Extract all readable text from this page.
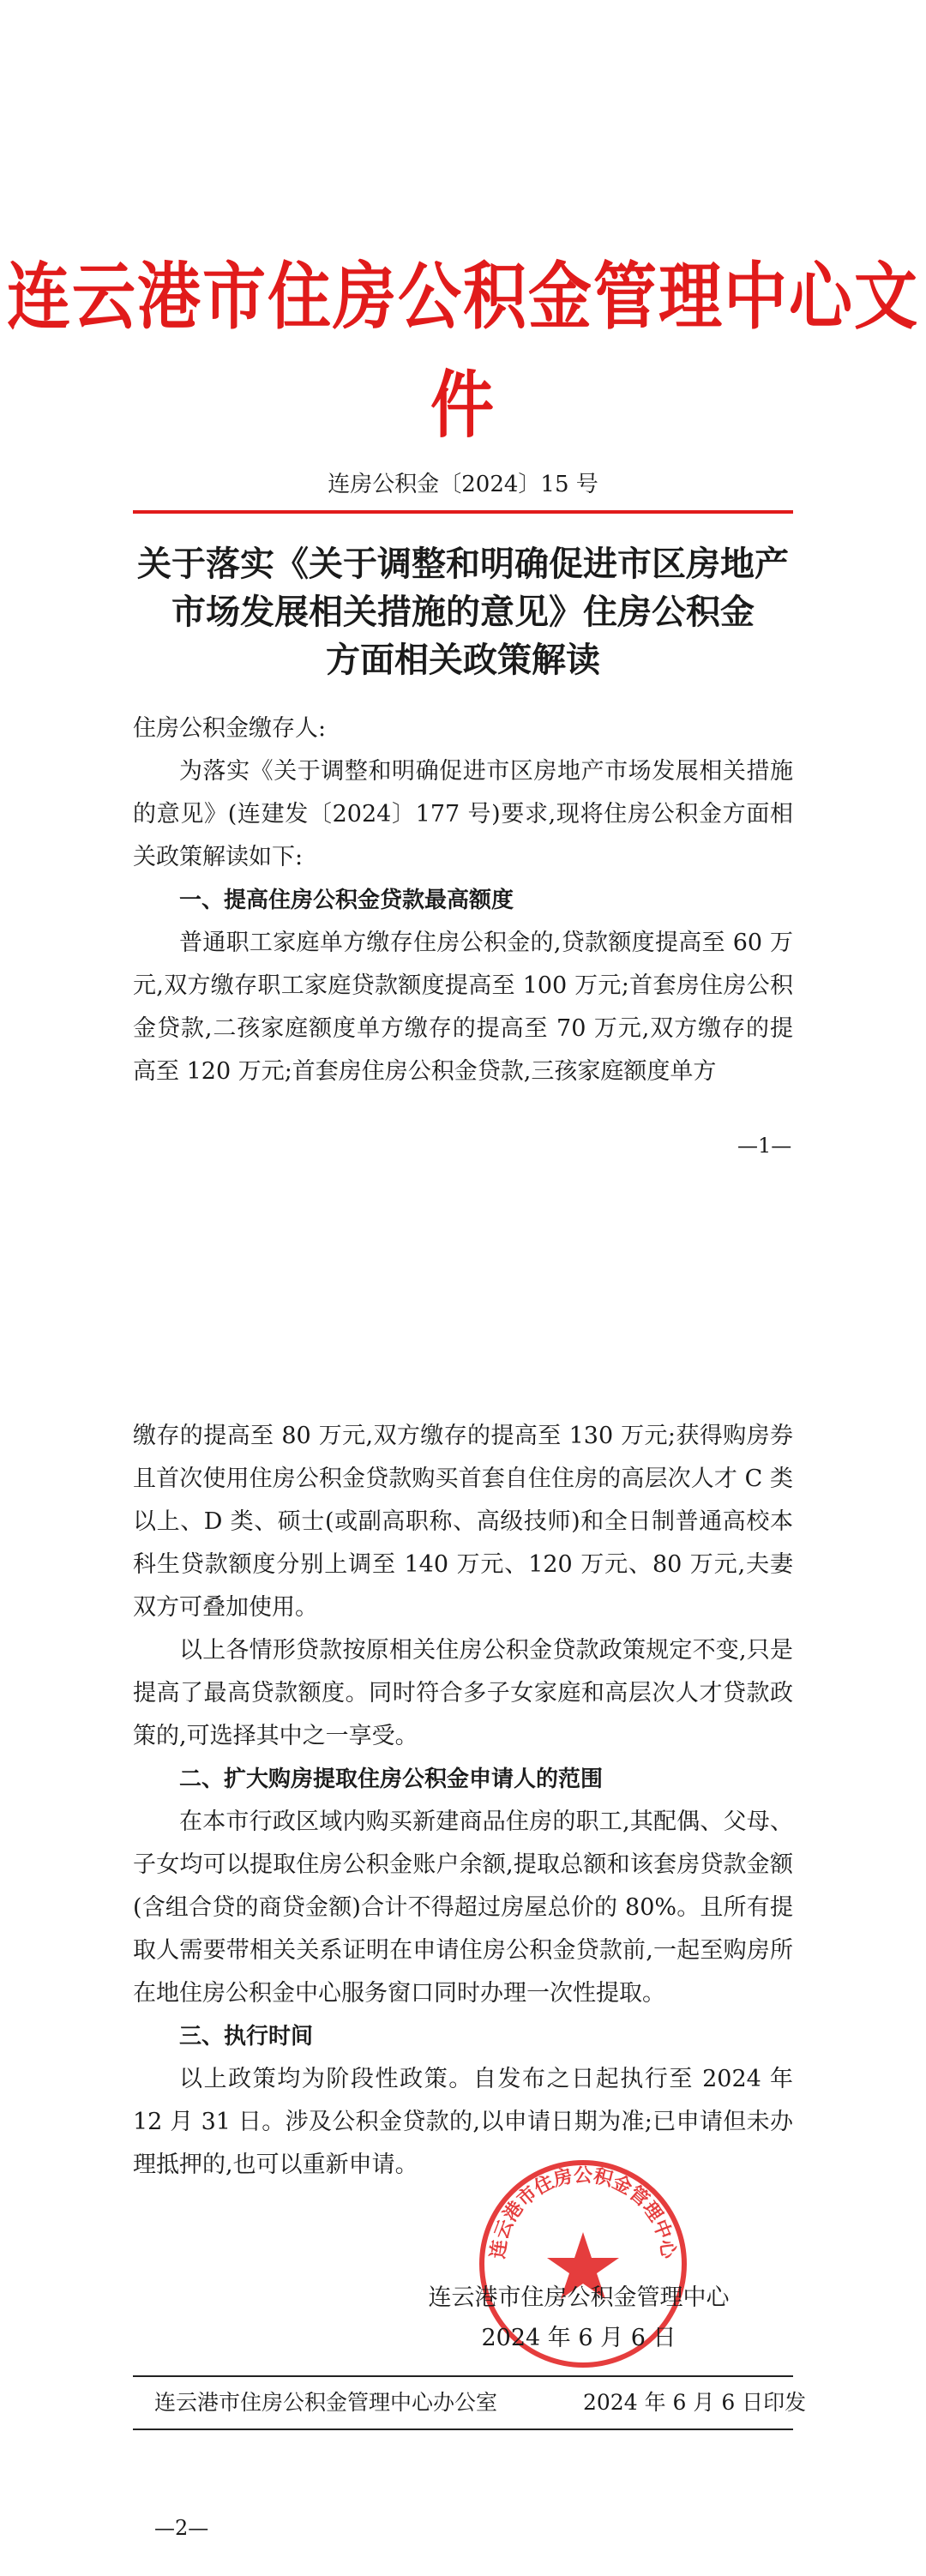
连云港市住房公积金管理中心文件
连房公积金〔2024〕15 号
关于落实《关于调整和明确促进市区房地产
市场发展相关措施的意见》住房公积金
方面相关政策解读
住房公积金缴存人:
为落实《关于调整和明确促进市区房地产市场发展相关措施的意见》(连建发〔2024〕177 号)要求,现将住房公积金方面相关政策解读如下:
一、提高住房公积金贷款最高额度
普通职工家庭单方缴存住房公积金的,贷款额度提高至 60 万元,双方缴存职工家庭贷款额度提高至 100 万元;首套房住房公积金贷款,二孩家庭额度单方缴存的提高至 70 万元,双方缴存的提高至 120 万元;首套房住房公积金贷款,三孩家庭额度单方
—1—
缴存的提高至 80 万元,双方缴存的提高至 130 万元;获得购房券且首次使用住房公积金贷款购买首套自住住房的高层次人才 C 类以上、D 类、硕士(或副高职称、高级技师)和全日制普通高校本科生贷款额度分别上调至 140 万元、120 万元、80 万元,夫妻双方可叠加使用。
以上各情形贷款按原相关住房公积金贷款政策规定不变,只是提高了最高贷款额度。同时符合多子女家庭和高层次人才贷款政策的,可选择其中之一享受。
二、扩大购房提取住房公积金申请人的范围
在本市行政区域内购买新建商品住房的职工,其配偶、父母、子女均可以提取住房公积金账户余额,提取总额和该套房贷款金额(含组合贷的商贷金额)合计不得超过房屋总价的 80%。且所有提取人需要带相关关系证明在申请住房公积金贷款前,一起至购房所在地住房公积金中心服务窗口同时办理一次性提取。
三、执行时间
以上政策均为阶段性政策。自发布之日起执行至 2024 年 12 月 31 日。涉及公积金贷款的,以申请日期为准;已申请但未办理抵押的,也可以重新申请。
连云港市住房公积金管理中心
连云港市住房公积金管理中心
2024 年 6 月 6 日
连云港市住房公积金管理中心办公室	2024 年 6 月 6 日印发
—2—
